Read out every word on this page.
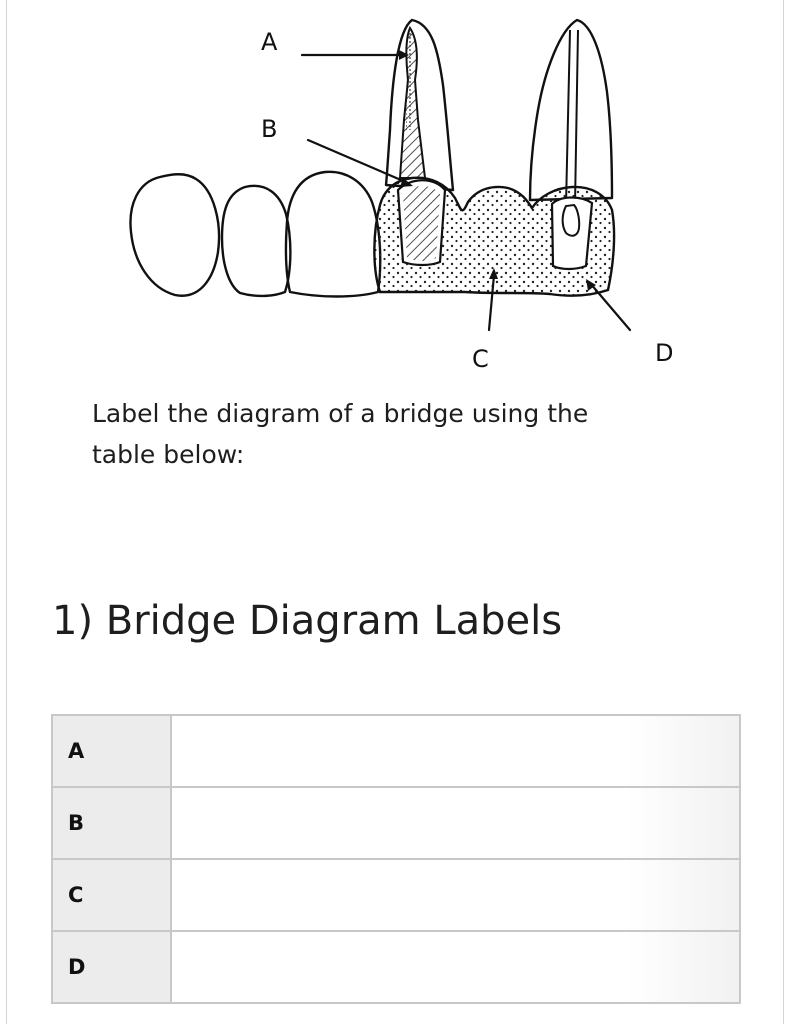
A
B
C	D

Label the diagram of a bridge using the table below:

1) Bridge Diagram Labels
A	
B	
C	
D	
